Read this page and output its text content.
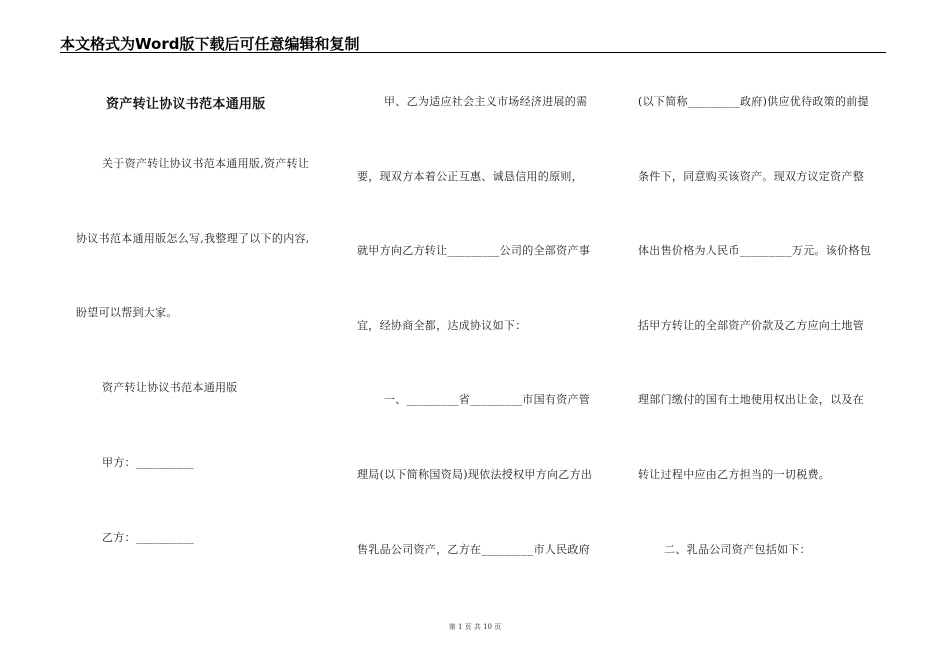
本文格式为Word版下载后可任意编辑和复制
资产转让协议书范本通用版
关于资产转让协议书范本通用版,资产转让
协议书范本通用版怎么写,我整理了以下的内容,
盼望可以帮到大家。
资产转让协议书范本通用版
甲方：__________
乙方：__________
甲、乙为适应社会主义市场经济进展的需
要，现双方本着公正互惠、诚恳信用的原则，
就甲方向乙方转让_________公司的全部资产事
宜，经协商全都，达成协议如下：
一、_________省_________市国有资产管
理局(以下简称国资局)现依法授权甲方向乙方出
售乳品公司资产，乙方在_________市人民政府
(以下简称_________政府)供应优待政策的前提
条件下，同意购买该资产。现双方议定资产整
体出售价格为人民币_________万元。该价格包
括甲方转让的全部资产价款及乙方应向土地管
理部门缴付的国有土地使用权出让金，以及在
转让过程中应由乙方担当的一切税费。
二、乳品公司资产包括如下：
第 1 页 共 10 页
